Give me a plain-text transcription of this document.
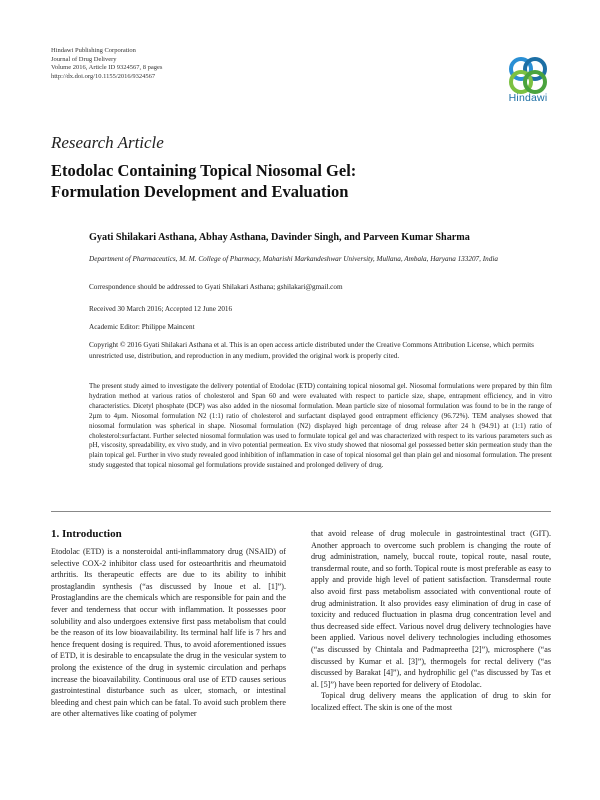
Hindawi Publishing Corporation
Journal of Drug Delivery
Volume 2016, Article ID 9324567, 8 pages
http://dx.doi.org/10.1155/2016/9324567
Hindawi
Research Article
Etodolac Containing Topical Niosomal Gel:
Formulation Development and Evaluation
Gyati Shilakari Asthana, Abhay Asthana, Davinder Singh, and Parveen Kumar Sharma
Department of Pharmaceutics, M. M. College of Pharmacy, Maharishi Markandeshwar University, Mullana, Ambala, Haryana 133207, India
Correspondence should be addressed to Gyati Shilakari Asthana; gshilakari@gmail.com
Received 30 March 2016; Accepted 12 June 2016
Academic Editor: Philippe Maincent
Copyright © 2016 Gyati Shilakari Asthana et al. This is an open access article distributed under the Creative Commons Attribution License, which permits unrestricted use, distribution, and reproduction in any medium, provided the original work is properly cited.
The present study aimed to investigate the delivery potential of Etodolac (ETD) containing topical niosomal gel. Niosomal formulations were prepared by thin film hydration method at various ratios of cholesterol and Span 60 and were evaluated with respect to particle size, shape, entrapment efficiency, and in vitro characteristics. Dicetyl phosphate (DCP) was also added in the niosomal formulation. Mean particle size of niosomal formulation was found to be in the range of 2µm to 4µm. Niosomal formulation N2 (1:1) ratio of cholesterol and surfactant displayed good entrapment efficiency (96.72%). TEM analyses showed that niosomal formulation was spherical in shape. Niosomal formulation (N2) displayed high percentage of drug release after 24 h (94.91) at (1:1) ratio of cholesterol:surfactant. Further selected niosomal formulation was used to formulate topical gel and was characterized with respect to its various parameters such as pH, viscosity, spreadability, ex vivo study, and in vivo potential permeation. Ex vivo study showed that niosomal gel possessed better skin permeation study than the plain topical gel. Further in vivo study revealed good inhibition of inflammation in case of topical niosomal gel than plain gel and niosomal formulation. The present study suggested that topical niosomal gel formulations provide sustained and prolonged delivery of drug.
1. Introduction

Etodolac (ETD) is a nonsteroidal anti-inflammatory drug (NSAID) of selective COX-2 inhibitor class used for osteoarthritis and rheumatoid arthritis. Its therapeutic effects are due to its ability to inhibit prostaglandin synthesis (“as discussed by Inoue et al. [1]”). Prostaglandins are the chemicals which are responsible for pain and the fever and tenderness that occur with inflammation. It possesses poor solubility and also undergoes extensive first pass metabolism that could be the reason of its low bioavailability. Its terminal half life is 7 hrs and hence frequent dosing is required. Thus, to avoid aforementioned issues of ETD, it is desirable to encapsulate the drug in the vesicular system to prolong the existence of the drug in systemic circulation and perhaps increase the bioavailability. Continuous oral use of ETD causes serious gastrointestinal disturbance such as ulcer, stomach, or intestinal bleeding and chest pain which can be fatal. To avoid such problem there are other alternatives like coating of polymer

that avoid release of drug molecule in gastrointestinal tract (GIT). Another approach to overcome such problem is changing the route of drug administration, namely, buccal route, topical route, nasal route, transdermal route, and so forth. Topical route is most preferable as easy to apply and provide high level of patient satisfaction. Transdermal route also avoid first pass metabolism associated with conventional route of drug administration. It also provides easy elimination of drug in case of toxicity and reduced fluctuation in plasma drug concentration level and thus decreased side effect. Various novel drug delivery technologies have been applied. Various novel delivery technologies including ethosomes (“as discussed by Chintala and Padmapreetha [2]”), microsphere (“as discussed by Kumar et al. [3]”), thermogels for rectal delivery (“as discussed by Barakat [4]”), and hydrophilic gel (“as discussed by Tas et al. [5]”) have been reported for delivery of Etodolac.

Topical drug delivery means the application of drug to skin for localized effect. The skin is one of the most
